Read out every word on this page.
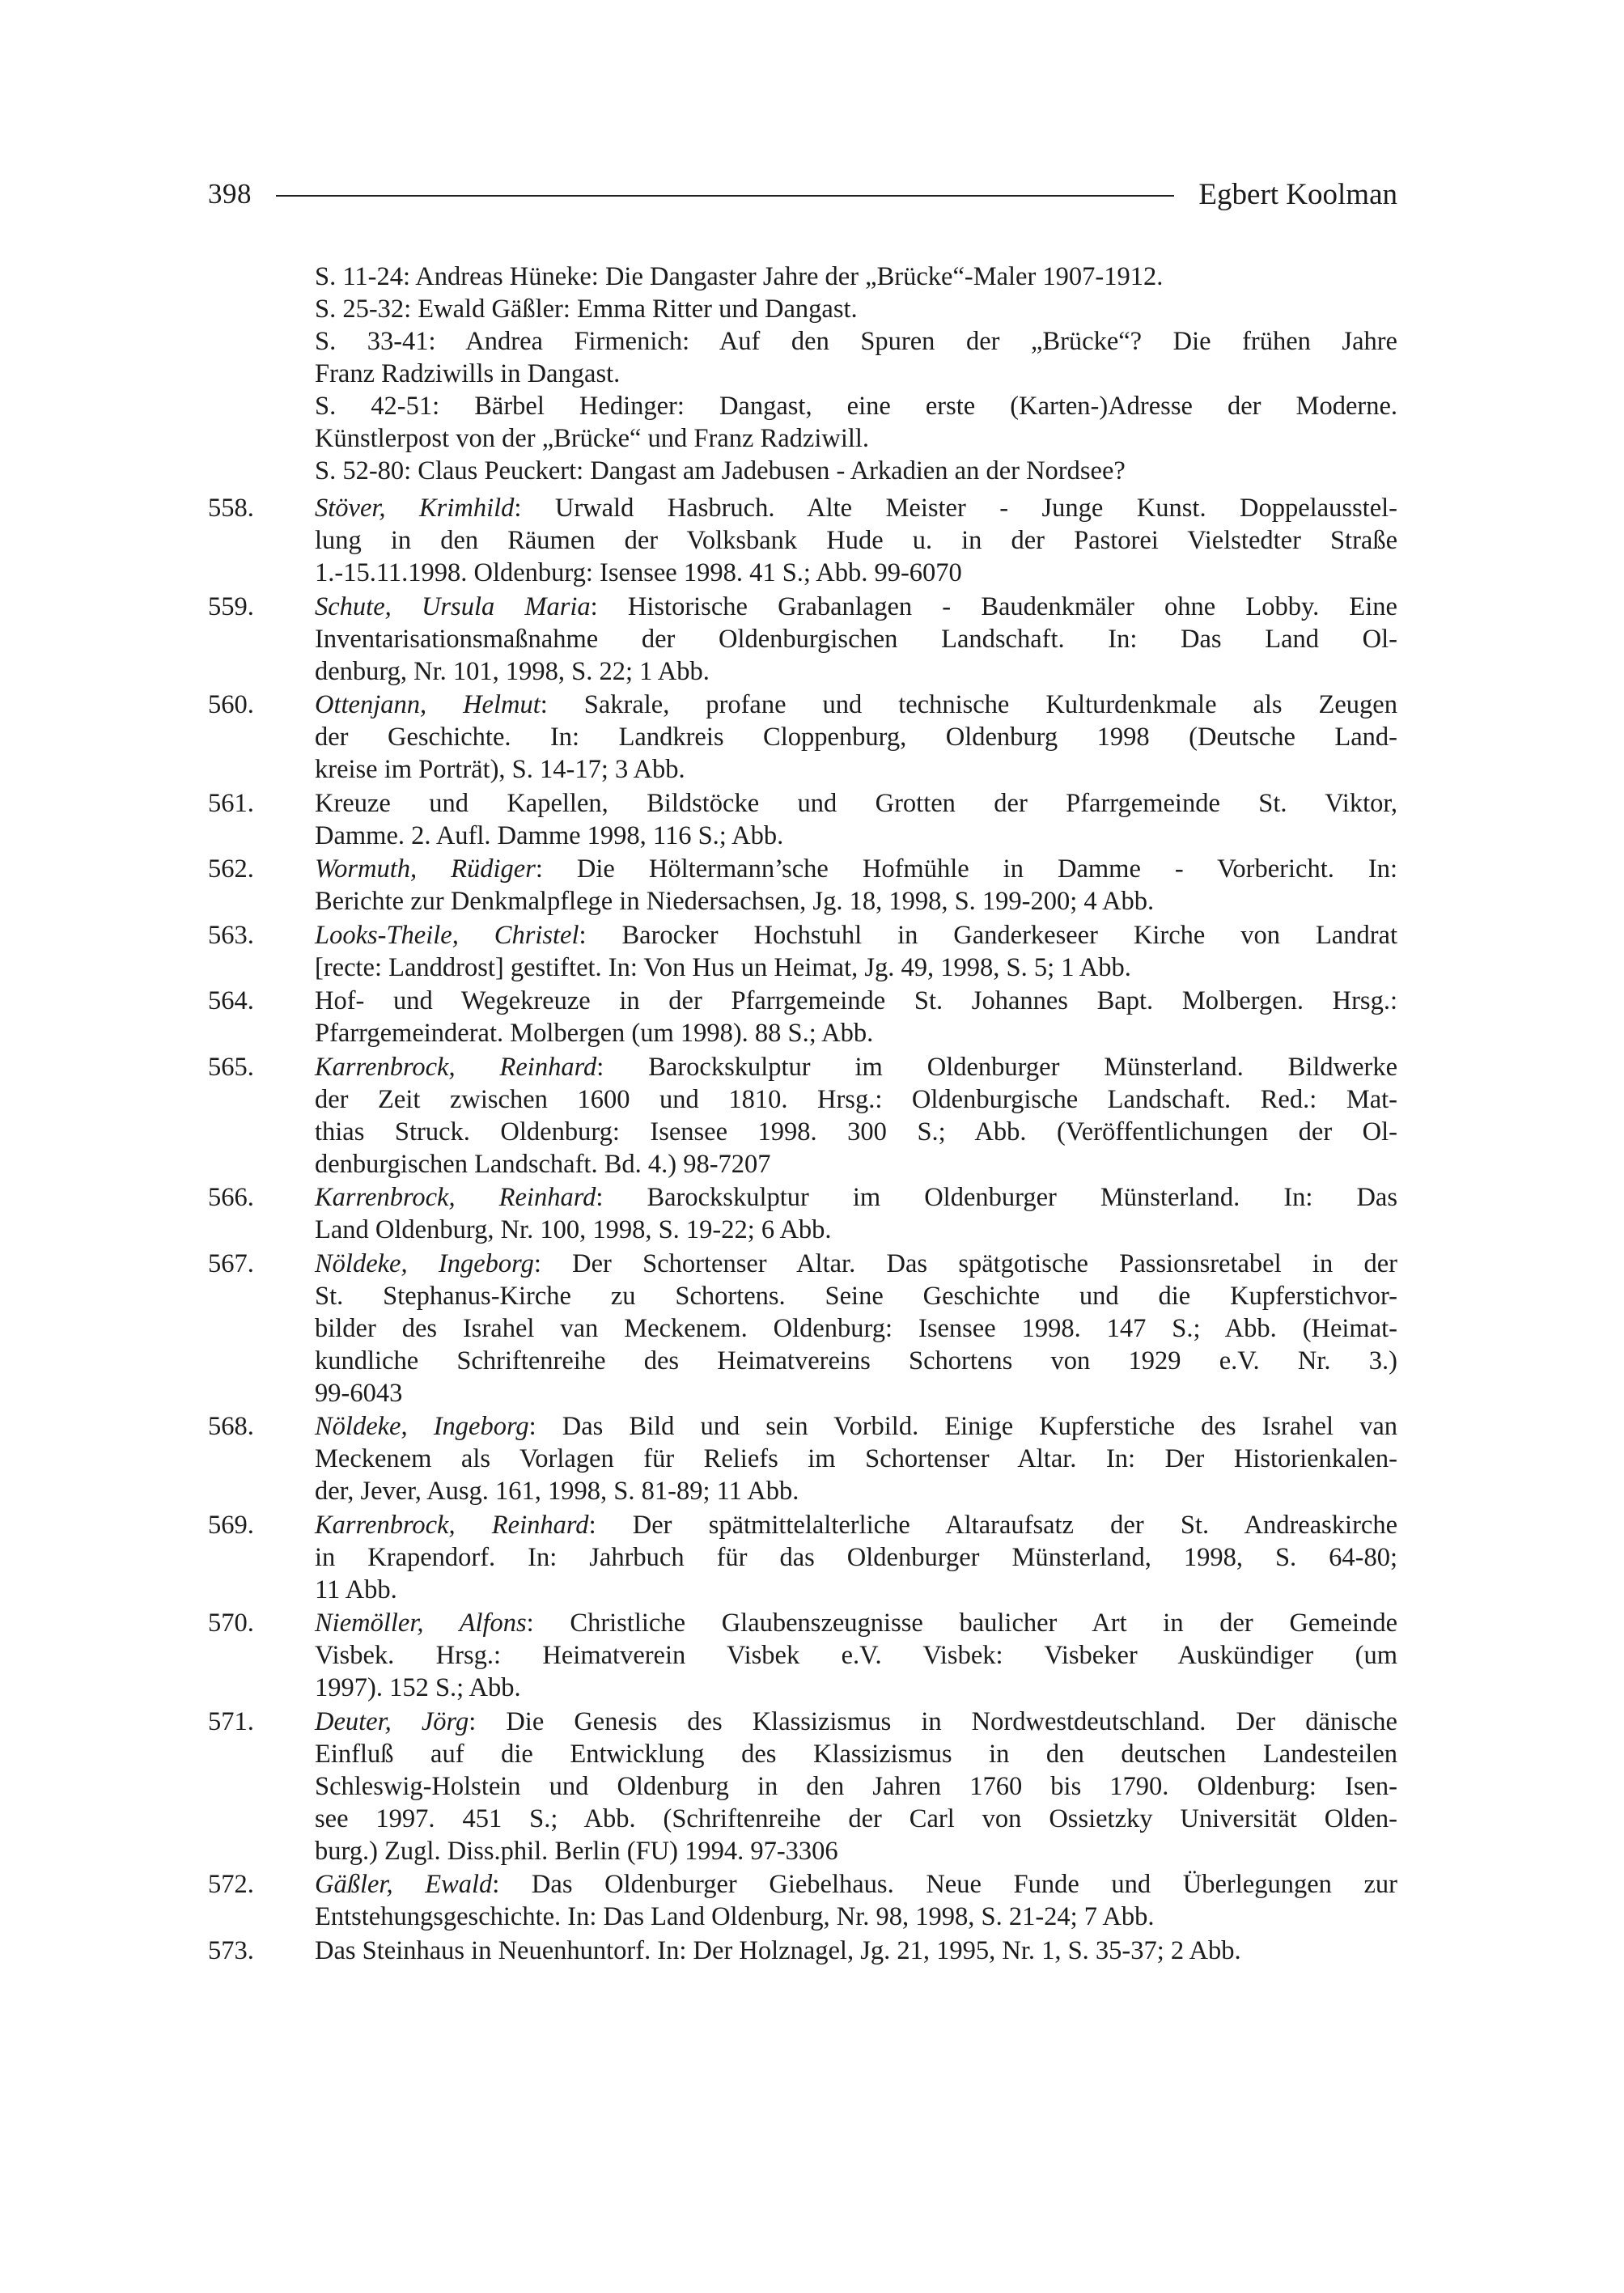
398	Egbert Koolman
S. 11-24: Andreas Hüneke: Die Dangaster Jahre der „Brücke“-Maler 1907-1912.
S. 25-32: Ewald Gäßler: Emma Ritter und Dangast.
S. 33-41: Andrea Firmenich: Auf den Spuren der „Brücke“? Die frühen Jahre
Franz Radziwills in Dangast.
S. 42-51: Bärbel Hedinger: Dangast, eine erste (Karten-)Adresse der Moderne.
Künstlerpost von der „Brücke“ und Franz Radziwill.
S. 52-80: Claus Peuckert: Dangast am Jadebusen - Arkadien an der Nordsee?
558.	Stöver, Krimhild: Urwald Hasbruch. Alte Meister - Junge Kunst. Doppelausstel-
lung in den Räumen der Volksbank Hude u. in der Pastorei Vielstedter Straße
1.-15.11.1998. Oldenburg: Isensee 1998. 41 S.; Abb. 99-6070
559.	Schute, Ursula Maria: Historische Grabanlagen - Baudenkmäler ohne Lobby. Eine
Inventarisationsmaßnahme der Oldenburgischen Landschaft. In: Das Land Ol-
denburg, Nr. 101, 1998, S. 22; 1 Abb.
560.	Ottenjann, Helmut: Sakrale, profane und technische Kulturdenkmale als Zeugen
der Geschichte. In: Landkreis Cloppenburg, Oldenburg 1998 (Deutsche Land-
kreise im Porträt), S. 14-17; 3 Abb.
561.	Kreuze und Kapellen, Bildstöcke und Grotten der Pfarrgemeinde St. Viktor,
Damme. 2. Aufl. Damme 1998, 116 S.; Abb.
562.	Wormuth, Rüdiger: Die Höltermann’sche Hofmühle in Damme - Vorbericht. In:
Berichte zur Denkmalpflege in Niedersachsen, Jg. 18, 1998, S. 199-200; 4 Abb.
563.	Looks-Theile, Christel: Barocker Hochstuhl in Ganderkeseer Kirche von Landrat
[recte: Landdrost] gestiftet. In: Von Hus un Heimat, Jg. 49, 1998, S. 5; 1 Abb.
564.	Hof- und Wegekreuze in der Pfarrgemeinde St. Johannes Bapt. Molbergen. Hrsg.:
Pfarrgemeinderat. Molbergen (um 1998). 88 S.; Abb.
565.	Karrenbrock, Reinhard: Barockskulptur im Oldenburger Münsterland. Bildwerke
der Zeit zwischen 1600 und 1810. Hrsg.: Oldenburgische Landschaft. Red.: Mat-
thias Struck. Oldenburg: Isensee 1998. 300 S.; Abb. (Veröffentlichungen der Ol-
denburgischen Landschaft. Bd. 4.) 98-7207
566.	Karrenbrock, Reinhard: Barockskulptur im Oldenburger Münsterland. In: Das
Land Oldenburg, Nr. 100, 1998, S. 19-22; 6 Abb.
567.	Nöldeke, Ingeborg: Der Schortenser Altar. Das spätgotische Passionsretabel in der
St. Stephanus-Kirche zu Schortens. Seine Geschichte und die Kupferstichvor-
bilder des Israhel van Meckenem. Oldenburg: Isensee 1998. 147 S.; Abb. (Heimat-
kundliche Schriftenreihe des Heimatvereins Schortens von 1929 e.V. Nr. 3.)
99-6043
568.	Nöldeke, Ingeborg: Das Bild und sein Vorbild. Einige Kupferstiche des Israhel van
Meckenem als Vorlagen für Reliefs im Schortenser Altar. In: Der Historienkalen-
der, Jever, Ausg. 161, 1998, S. 81-89; 11 Abb.
569.	Karrenbrock, Reinhard: Der spätmittelalterliche Altaraufsatz der St. Andreaskirche
in Krapendorf. In: Jahrbuch für das Oldenburger Münsterland, 1998, S. 64-80;
11 Abb.
570.	Niemöller, Alfons: Christliche Glaubenszeugnisse baulicher Art in der Gemeinde
Visbek. Hrsg.: Heimatverein Visbek e.V. Visbek: Visbeker Auskündiger (um
1997). 152 S.; Abb.
571.	Deuter, Jörg: Die Genesis des Klassizismus in Nordwestdeutschland. Der dänische
Einfluß auf die Entwicklung des Klassizismus in den deutschen Landesteilen
Schleswig-Holstein und Oldenburg in den Jahren 1760 bis 1790. Oldenburg: Isen-
see 1997. 451 S.; Abb. (Schriftenreihe der Carl von Ossietzky Universität Olden-
burg.) Zugl. Diss.phil. Berlin (FU) 1994. 97-3306
572.	Gäßler, Ewald: Das Oldenburger Giebelhaus. Neue Funde und Überlegungen zur
Entstehungsgeschichte. In: Das Land Oldenburg, Nr. 98, 1998, S. 21-24; 7 Abb.
573.	Das Steinhaus in Neuenhuntorf. In: Der Holznagel, Jg. 21, 1995, Nr. 1, S. 35-37; 2 Abb.
